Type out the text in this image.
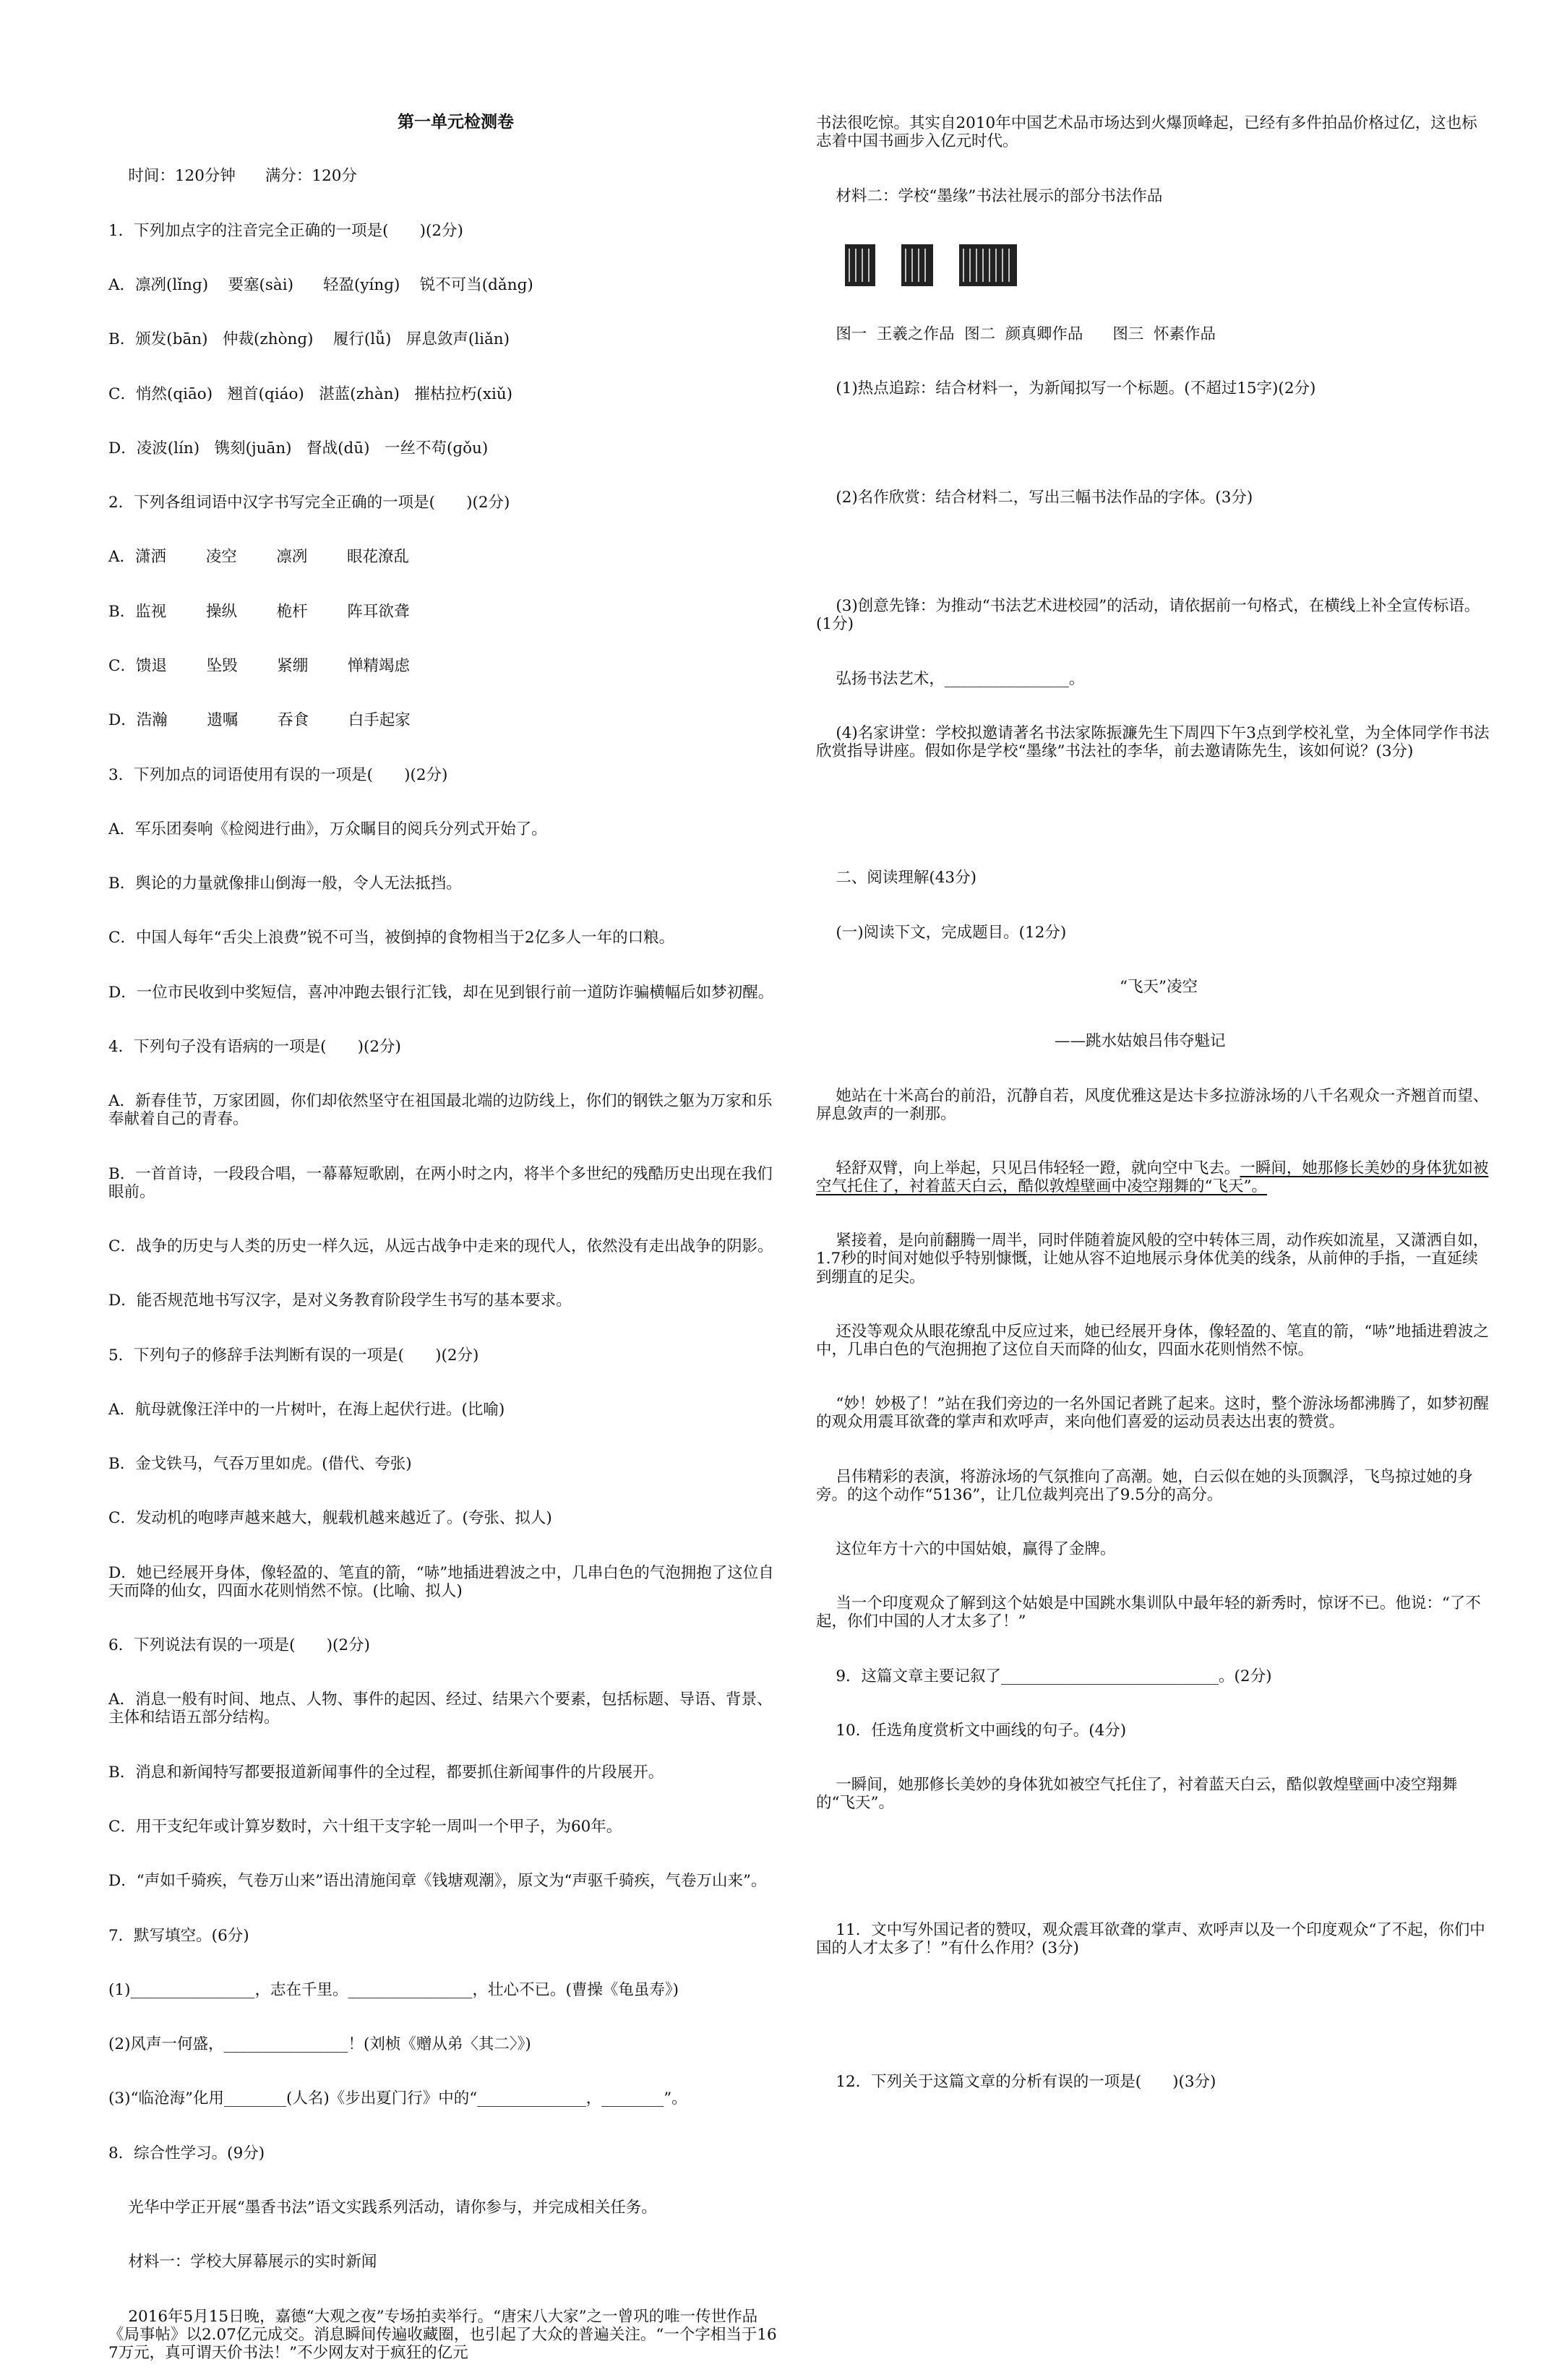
第一单元检测卷

时间：120分钟      满分：120分

1．下列加点字的注音完全正确的一项是(　　)(2分)

A．凛冽(lǐnɡ)    要塞(sài)      轻盈(yínɡ)    锐不可当(dǎnɡ)

B．颁发(bān)   仲裁(zhònɡ)    履行(lǚ)   屏息敛声(liǎn)

C．悄然(qiāo)   翘首(qiáo)   湛蓝(zhàn)   摧枯拉朽(xiǔ)

D．凌波(lín)   镌刻(juān)   督战(dū)   一丝不苟(ɡǒu)

2．下列各组词语中汉字书写完全正确的一项是(　　)(2分)

A．潇洒        凌空        凛冽        眼花潦乱

B．监视        操纵        桅杆        阵耳欲聋

C．馈退        坠毁        紧绷        惮精竭虑

D．浩瀚        遗嘱        吞食        白手起家

3．下列加点的词语使用有误的一项是(　　)(2分)

A．军乐团奏响《检阅进行曲》，万众瞩目的阅兵分列式开始了。

B．舆论的力量就像排山倒海一般，令人无法抵挡。

C．中国人每年“舌尖上浪费”锐不可当，被倒掉的食物相当于2亿多人一年的口粮。

D．一位市民收到中奖短信，喜冲冲跑去银行汇钱，却在见到银行前一道防诈骗横幅后如梦初醒。

4．下列句子没有语病的一项是(　　)(2分)

A．新春佳节，万家团圆，你们却依然坚守在祖国最北端的边防线上，你们的钢铁之躯为万家和乐奉献着自己的青春。

B．一首首诗，一段段合唱，一幕幕短歌剧，在两小时之内，将半个多世纪的残酷历史出现在我们眼前。

C．战争的历史与人类的历史一样久远，从远古战争中走来的现代人，依然没有走出战争的阴影。

D．能否规范地书写汉字，是对义务教育阶段学生书写的基本要求。

5．下列句子的修辞手法判断有误的一项是(　　)(2分)

A．航母就像汪洋中的一片树叶，在海上起伏行进。(比喻)

B．金戈铁马，气吞万里如虎。(借代、夸张)

C．发动机的咆哮声越来越大，舰载机越来越近了。(夸张、拟人)

D．她已经展开身体，像轻盈的、笔直的箭，“哧”地插进碧波之中，几串白色的气泡拥抱了这位自天而降的仙女，四面水花则悄然不惊。(比喻、拟人)

6．下列说法有误的一项是(　　)(2分)

A．消息一般有时间、地点、人物、事件的起因、经过、结果六个要素，包括标题、导语、背景、主体和结语五部分结构。

B．消息和新闻特写都要报道新闻事件的全过程，都要抓住新闻事件的片段展开。

C．用干支纪年或计算岁数时，六十组干支字轮一周叫一个甲子，为60年。

D．“声如千骑疾，气卷万山来”语出清施闰章《钱塘观潮》，原文为“声驱千骑疾，气卷万山来”。

7．默写填空。(6分)

(1)________________，志在千里。________________，壮心不已。(曹操《龟虽寿》)

(2)风声一何盛，________________！(刘桢《赠从弟〈其二〉》)

(3)“临沧海”化用________(人名)《步出夏门行》中的“______________，________”。

8．综合性学习。(9分)

光华中学正开展“墨香书法”语文实践系列活动，请你参与，并完成相关任务。

材料一：学校大屏幕展示的实时新闻

2016年5月15日晚，嘉德“大观之夜”专场拍卖举行。“唐宋八大家”之一曾巩的唯一传世作品《局事帖》以2.07亿元成交。消息瞬间传遍收藏圈，也引起了大众的普遍关注。“一个字相当于167万元，真可谓天价书法！”不少网友对于疯狂的亿元

书法很吃惊。其实自2010年中国艺术品市场达到火爆顶峰起，已经有多件拍品价格过亿，这也标志着中国书画步入亿元时代。

材料二：学校“墨缘”书法社展示的部分书法作品

图一  王羲之作品  图二  颜真卿作品      图三  怀素作品

(1)热点追踪：结合材料一，为新闻拟写一个标题。(不超过15字)(2分)

(2)名作欣赏：结合材料二，写出三幅书法作品的字体。(3分)

(3)创意先锋：为推动“书法艺术进校园”的活动，请依据前一句格式，在横线上补全宣传标语。(1分)

弘扬书法艺术，________________。

(4)名家讲堂：学校拟邀请著名书法家陈振濂先生下周四下午3点到学校礼堂，为全体同学作书法欣赏指导讲座。假如你是学校“墨缘”书法社的李华，前去邀请陈先生，该如何说？(3分)

二、阅读理解(43分)

(一)阅读下文，完成题目。(12分)

“飞天”凌空

——跳水姑娘吕伟夺魁记

她站在十米高台的前沿，沉静自若，风度优雅这是达卡多拉游泳场的八千名观众一齐翘首而望、屏息敛声的一刹那。

轻舒双臂，向上举起，只见吕伟轻轻一蹬，就向空中飞去。一瞬间，她那修长美妙的身体犹如被空气托住了，衬着蓝天白云，酷似敦煌壁画中凌空翔舞的“飞天”。

紧接着，是向前翻腾一周半，同时伴随着旋风般的空中转体三周，动作疾如流星，又潇洒自如，1.7秒的时间对她似乎特别慷慨，让她从容不迫地展示身体优美的线条，从前伸的手指，一直延续到绷直的足尖。

还没等观众从眼花缭乱中反应过来，她已经展开身体，像轻盈的、笔直的箭，“哧”地插进碧波之中，几串白色的气泡拥抱了这位自天而降的仙女，四面水花则悄然不惊。

“妙！妙极了！”站在我们旁边的一名外国记者跳了起来。这时，整个游泳场都沸腾了，如梦初醒的观众用震耳欲聋的掌声和欢呼声，来向他们喜爱的运动员表达出衷的赞赏。

吕伟精彩的表演，将游泳场的气氛推向了高潮。她，白云似在她的头顶飘浮，飞鸟掠过她的身旁。的这个动作“5136”，让几位裁判亮出了9.5分的高分。

这位年方十六的中国姑娘，赢得了金牌。

当一个印度观众了解到这个姑娘是中国跳水集训队中最年轻的新秀时，惊讶不已。他说：“了不起，你们中国的人才太多了！”

9．这篇文章主要记叙了____________________________。(2分)

10．任选角度赏析文中画线的句子。(4分)

一瞬间，她那修长美妙的身体犹如被空气托住了，衬着蓝天白云，酷似敦煌壁画中凌空翔舞的“飞天”。

11．文中写外国记者的赞叹，观众震耳欲聋的掌声、欢呼声以及一个印度观众“了不起，你们中国的人才太多了！”有什么作用？(3分)

12．下列关于这篇文章的分析有误的一项是(　　)(3分)
